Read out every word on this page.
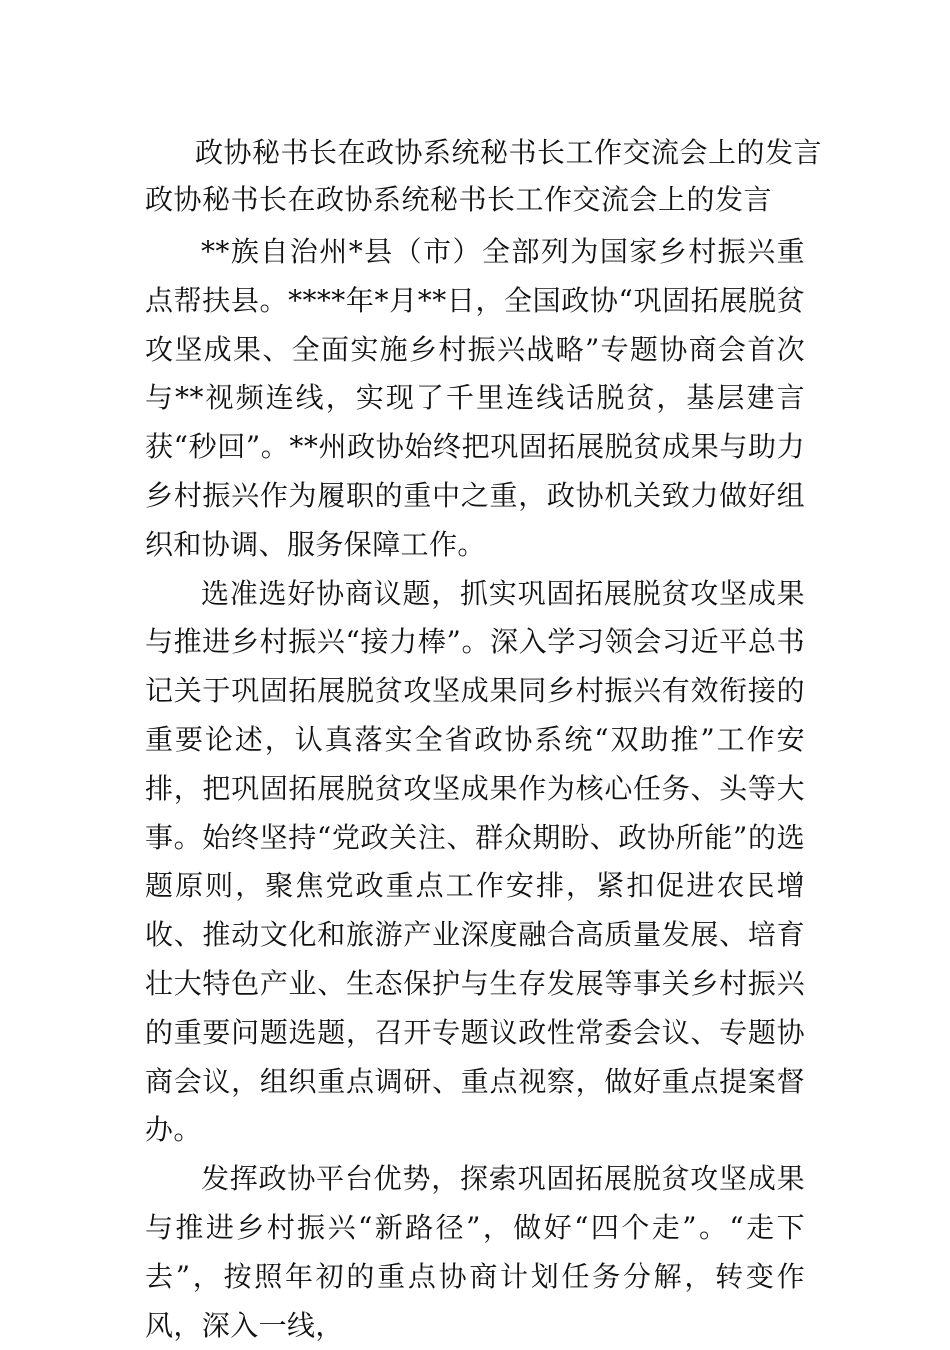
政协秘书长在政协系统秘书长工作交流会上的发言
政协秘书长在政协系统秘书长工作交流会上的发言

**族自治州*县（市）全部列为国家乡村振兴重点帮扶县。****年*月**日，全国政协“巩固拓展脱贫攻坚成果、全面实施乡村振兴战略”专题协商会首次与**视频连线，实现了千里连线话脱贫，基层建言获“秒回”。**州政协始终把巩固拓展脱贫成果与助力乡村振兴作为履职的重中之重，政协机关致力做好组织和协调、服务保障工作。

选准选好协商议题，抓实巩固拓展脱贫攻坚成果与推进乡村振兴“接力棒”。深入学习领会习近平总书记关于巩固拓展脱贫攻坚成果同乡村振兴有效衔接的重要论述，认真落实全省政协系统“双助推”工作安排，把巩固拓展脱贫攻坚成果作为核心任务、头等大事。始终坚持“党政关注、群众期盼、政协所能”的选题原则，聚焦党政重点工作安排，紧扣促进农民增收、推动文化和旅游产业深度融合高质量发展、培育壮大特色产业、生态保护与生存发展等事关乡村振兴的重要问题选题，召开专题议政性常委会议、专题协商会议，组织重点调研、重点视察，做好重点提案督办。

发挥政协平台优势，探索巩固拓展脱贫攻坚成果与推进乡村振兴“新路径”，做好“四个走”。“走下去”，按照年初的重点协商计划任务分解，转变作风，深入一线，
